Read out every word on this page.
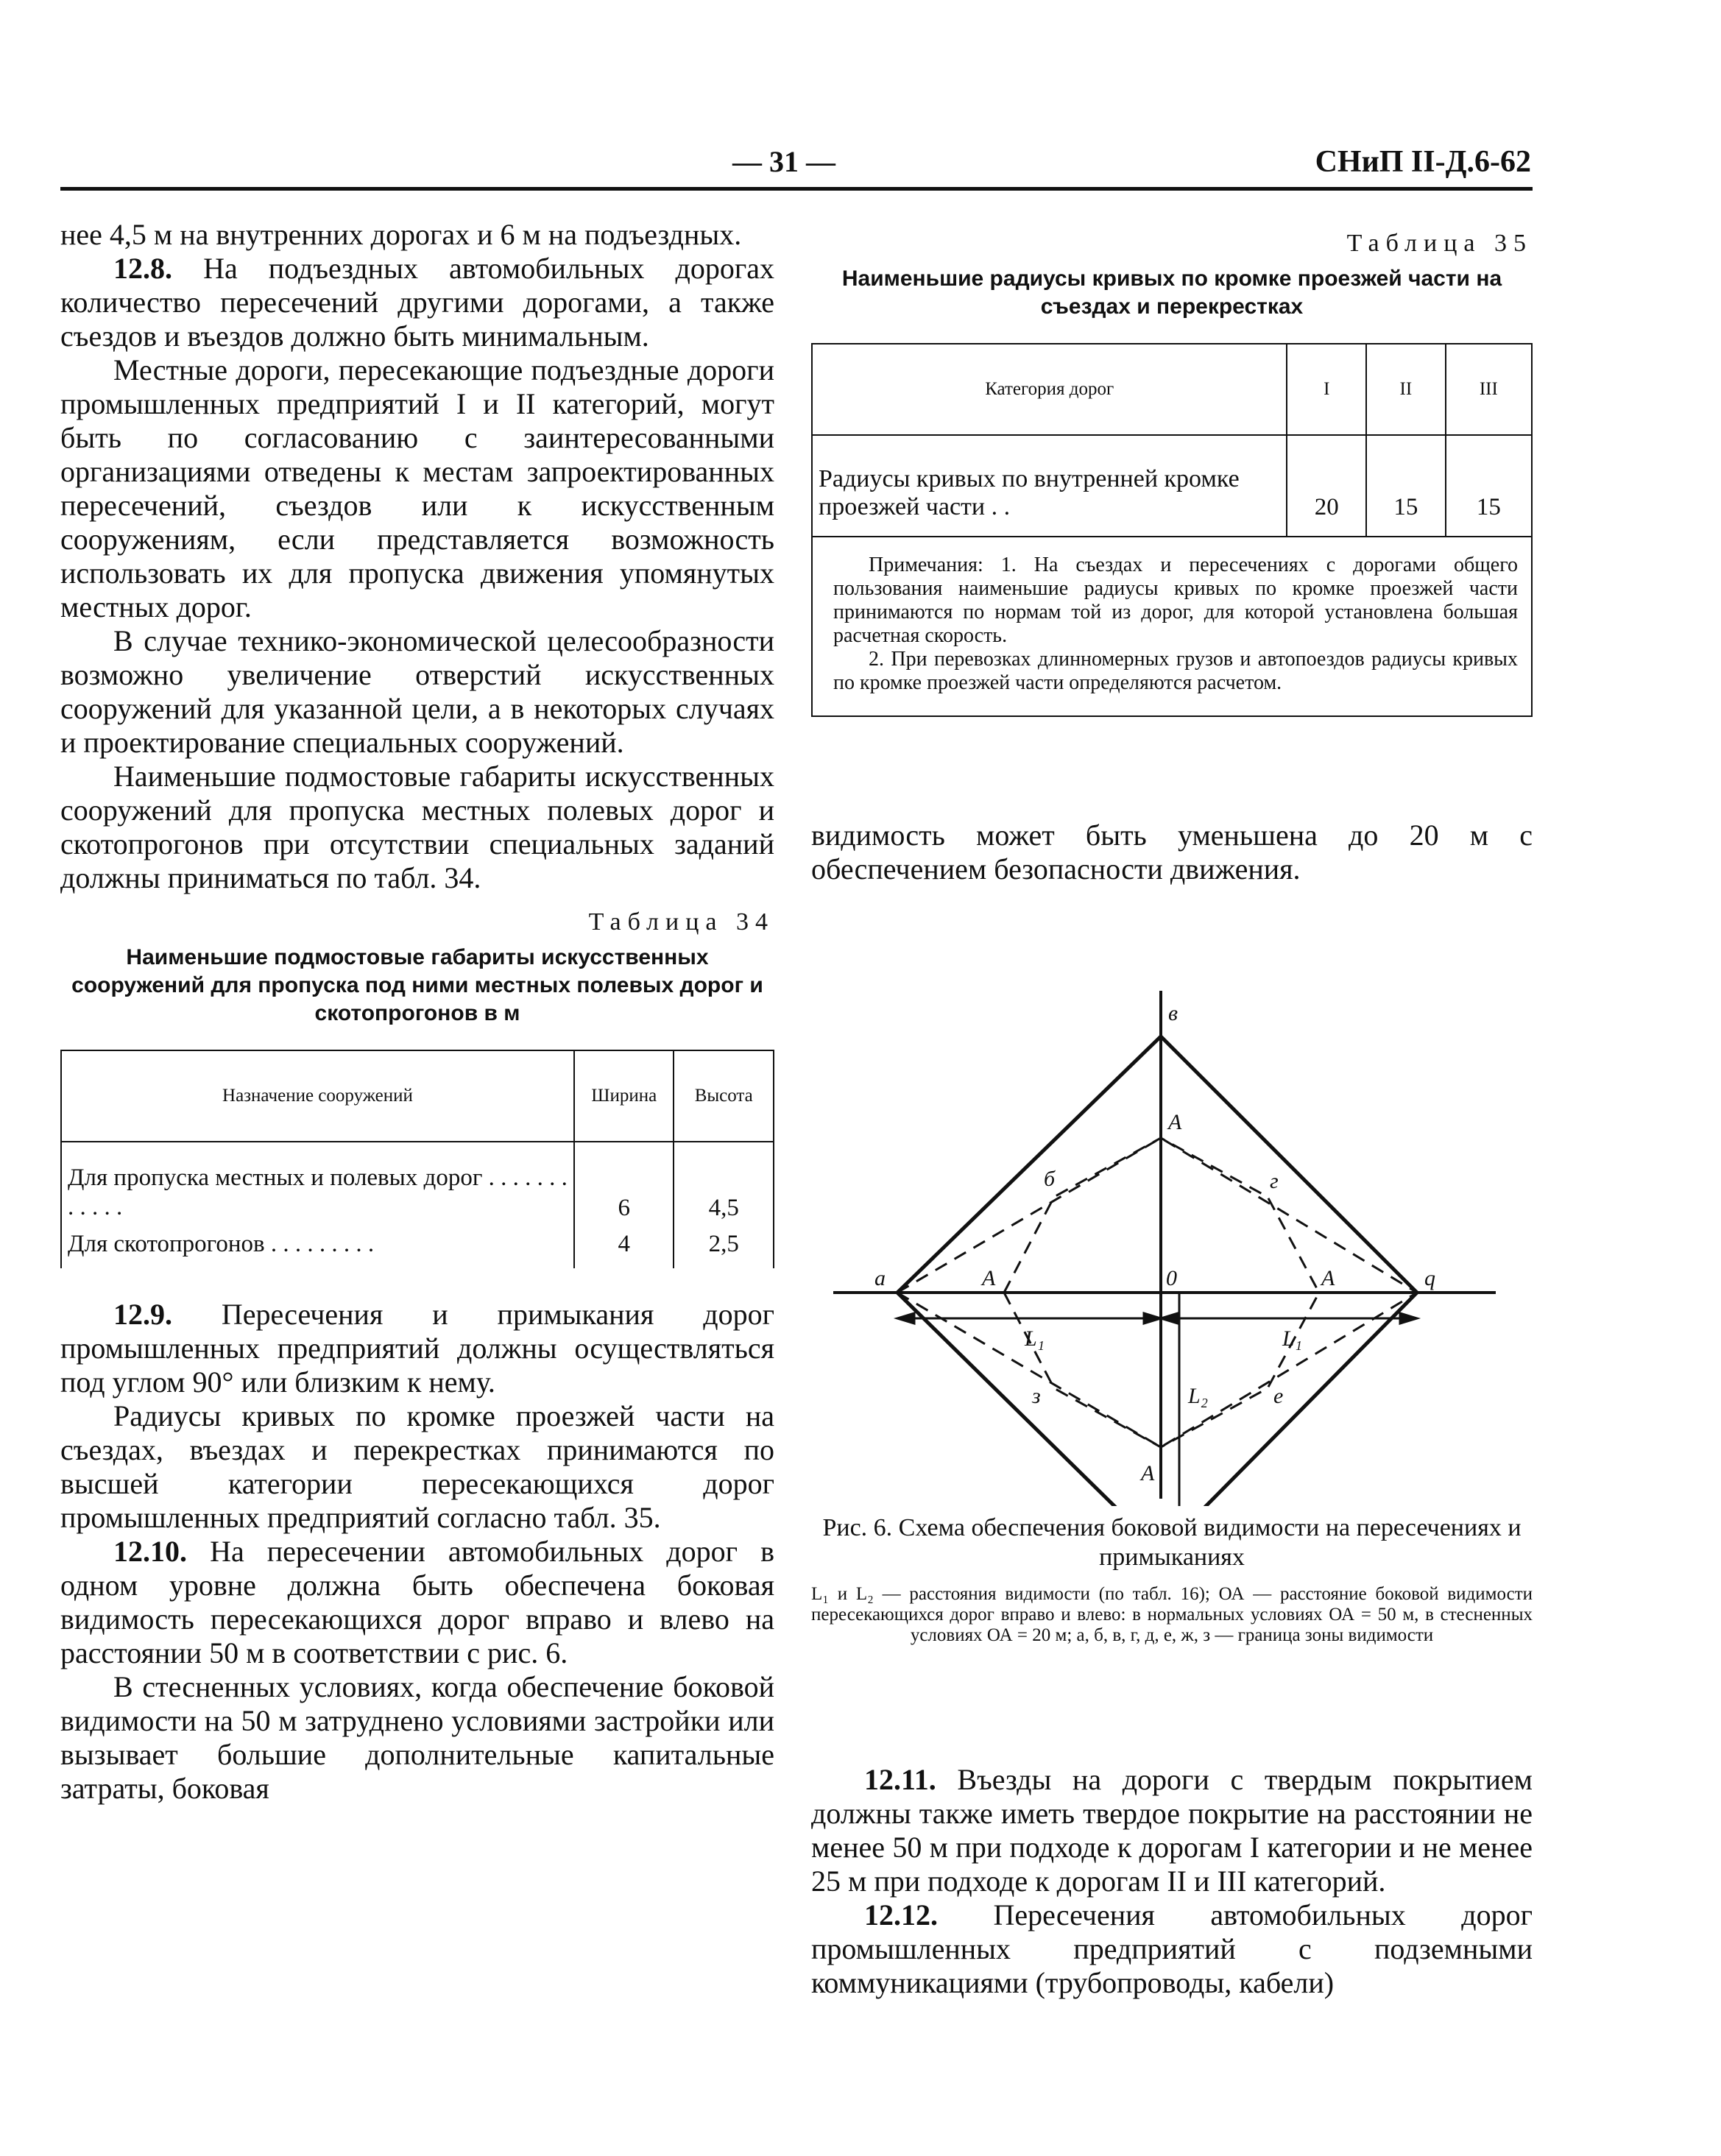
— 31 —	СНиП II-Д.6-62

нее 4,5 м на внутренних дорогах и 6 м на подъездных.

12.8. На подъездных автомобильных дорогах количество пересечений другими дорогами, а также съездов и въездов должно быть минимальным.

Местные дороги, пересекающие подъездные дороги промышленных предприятий I и II категорий, могут быть по согласованию с заинтересованными организациями отведены к местам запроектированных пересечений, съездов или к искусственным сооружениям, если представляется возможность использовать их для пропуска движения упомянутых местных дорог.

В случае технико-экономической целесообразности возможно увеличение отверстий искусственных сооружений для указанной цели, а в некоторых случаях и проектирование специальных сооружений.

Наименьшие подмостовые габариты искусственных сооружений для пропуска местных полевых дорог и скотопрогонов при отсутствии специальных заданий должны приниматься по табл. 34.

Таблица 34
Наименьшие подмостовые габариты искусственных сооружений для пропуска под ними местных полевых дорог и скотопрогонов в м
Назначение сооружений	Ширина	Высота
Для пропуска местных и полевых дорог . . . . . . . . . . . .	6	4,5
Для скотопрогонов . . . . . . . . .	4	2,5

12.9. Пересечения и примыкания дорог промышленных предприятий должны осуществляться под углом 90° или близким к нему.

Радиусы кривых по кромке проезжей части на съездах, въездах и перекрестках принимаются по высшей категории пересекающихся дорог промышленных предприятий согласно табл. 35.

12.10. На пересечении автомобильных дорог в одном уровне должна быть обеспечена боковая видимость пересекающихся дорог вправо и влево на расстоянии 50 м в соответствии с рис. 6.

В стесненных условиях, когда обеспечение боковой видимости на 50 м затруднено условиями застройки или вызывает большие дополнительные капитальные затраты, боковая

Таблица 35
Наименьшие радиусы кривых по кромке проезжей части на съездах и перекрестках
Категория дорог	I	II	III
Радиусы кривых по внутренней кромке проезжей части . .	20	15	15

Примечания: 1. На съездах и пересечениях с дорогами общего пользования наименьшие радиусы кривых по кромке проезжей части принимаются по нормам той из дорог, для которой установлена большая расчетная скорость.

2. При перевозках длинномерных грузов и автопоездов радиусы кривых по кромке проезжей части определяются расчетом.			

видимость может быть уменьшена до 20 м с обеспечением безопасности движения.

в
А
б	г
а	А	0	А	q
L₁	L₁
L₂
з	е
А

Рис. 6. Схема обеспечения боковой видимости на пересечениях и примыканиях

L₁ и L₂ — расстояния видимости (по табл. 16); ОА — расстояние боковой видимости пересекающихся дорог вправо и влево: в нормальных условиях ОА = 50 м, в стесненных условиях ОА = 20 м; а, б, в, г, д, е, ж, з — граница зоны видимости

12.11. Въезды на дороги с твердым покрытием должны также иметь твердое покрытие на расстоянии не менее 50 м при подходе к дорогам I категории и не менее 25 м при подходе к дорогам II и III категорий.

12.12. Пересечения автомобильных дорог промышленных предприятий с подземными коммуникациями (трубопроводы, кабели)
